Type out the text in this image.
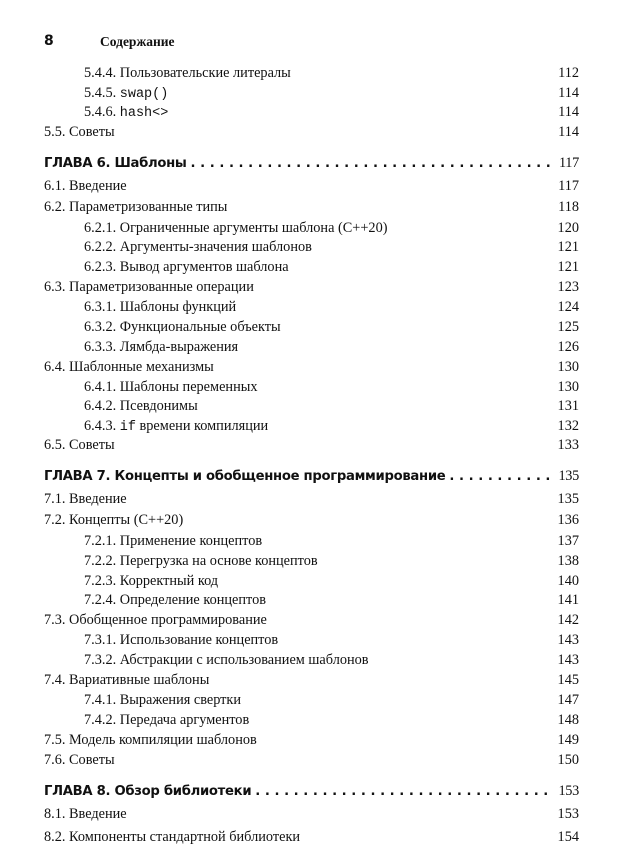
8	Содержание
5.4.4. Пользовательские литералы	112
5.4.5. swap()	114
5.4.6. hash<>	114
5.5. Советы	114
ГЛАВА 6. Шаблоны . . .	117
6.1. Введение	117
6.2. Параметризованные типы	118
6.2.1. Ограниченные аргументы шаблона (C++20)	120
6.2.2. Аргументы-значения шаблонов	121
6.2.3. Вывод аргументов шаблона	121
6.3. Параметризованные операции	123
6.3.1. Шаблоны функций	124
6.3.2. Функциональные объекты	125
6.3.3. Лямбда-выражения	126
6.4. Шаблонные механизмы	130
6.4.1. Шаблоны переменных	130
6.4.2. Псевдонимы	131
6.4.3. if времени компиляции	132
6.5. Советы	133
ГЛАВА 7. Концепты и обобщенное программирование . . .	135
7.1. Введение	135
7.2. Концепты (C++20)	136
7.2.1. Применение концептов	137
7.2.2. Перегрузка на основе концептов	138
7.2.3. Корректный код	140
7.2.4. Определение концептов	141
7.3. Обобщенное программирование	142
7.3.1. Использование концептов	143
7.3.2. Абстракции с использованием шаблонов	143
7.4. Вариативные шаблоны	145
7.4.1. Выражения свертки	147
7.4.2. Передача аргументов	148
7.5. Модель компиляции шаблонов	149
7.6. Советы	150
ГЛАВА 8. Обзор библиотеки . . .	153
8.1. Введение	153
8.2. Компоненты стандартной библиотеки	154
